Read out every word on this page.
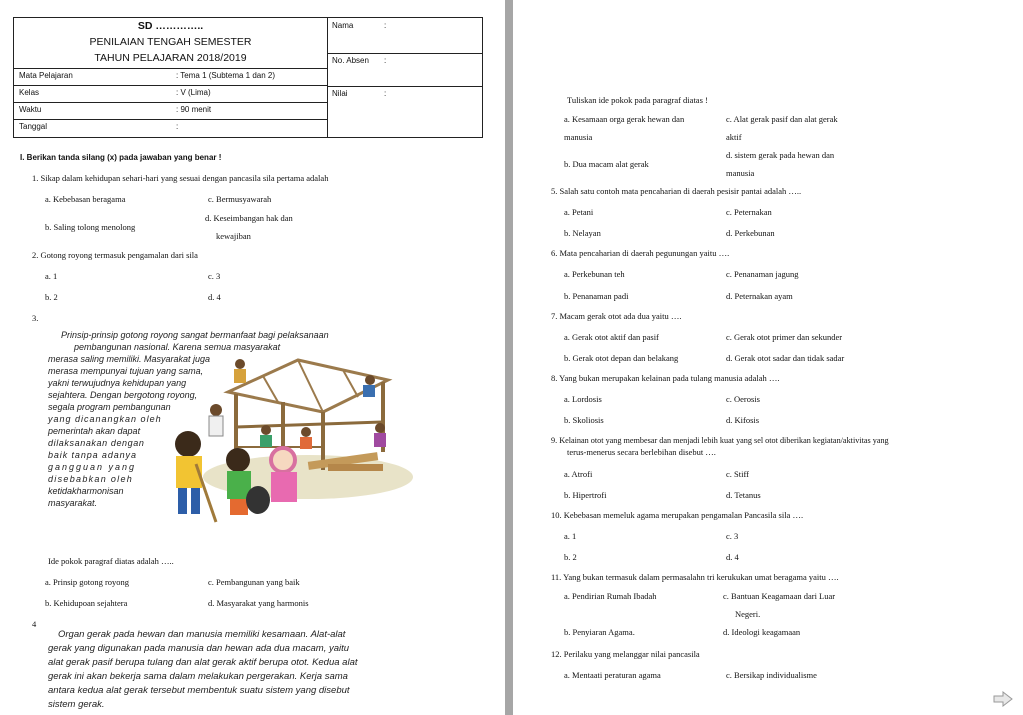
SD …………..
PENILAIAN TENGAH SEMESTER
TAHUN PELAJARAN 2018/2019
Mata Pelajaran	: Tema 1 (Subtema 1 dan 2)
Kelas	: V (Lima)
Waktu	: 90 menit
Tanggal	:
Nama	:
No. Absen :
Nilai	:
I. Berikan tanda silang (x) pada jawaban yang benar !
1. Sikap dalam kehidupan sehari-hari yang sesuai dengan pancasila sila pertama adalah
a. Kebebasan beragama	c. Bermusyawarah
b. Saling tolong menolong
d. Keseimbangan hak dan
kewajiban
2. Gotong royong termasuk pengamalan dari sila
a. 1	c. 3
b. 2	d. 4
3.
Prinsip-prinsip gotong royong sangat bermanfaat bagi pelaksanaan
pembangunan nasional. Karena semua masyarakat
merasa saling memiliki. Masyarakat juga
merasa mempunyai tujuan yang sama,
yakni terwujudnya kehidupan yang
sejahtera. Dengan bergotong royong,
segala program pembangunan
yang dicanangkan oleh
pemerintah akan dapat
dilaksanakan dengan
baik tanpa adanya
gangguan yang
disebabkan oleh
ketidakharmonisan
masyarakat.
Ide pokok paragraf diatas adalah …..
a. Prinsip gotong royong	c. Pembangunan yang baik
b. Kehidupoan sejahtera	d. Masyarakat yang harmonis
4
Organ gerak pada hewan dan manusia memiliki kesamaan. Alat-alat
gerak yang digunakan pada manusia dan hewan ada dua macam, yaitu
alat gerak pasif berupa tulang dan alat gerak aktif berupa otot. Kedua alat
gerak ini akan bekerja sama dalam melakukan pergerakan. Kerja sama
antara kedua alat gerak tersebut membentuk suatu sistem yang disebut
sistem gerak.
Tuliskan ide pokok pada paragraf diatas !
a. Kesamaan orga gerak hewan dan
manusia
c. Alat gerak pasif dan alat gerak
aktif
b. Dua macam alat gerak
d. sistem gerak pada hewan dan
manusia
5. Salah satu contoh mata pencaharian di daerah pesisir pantai adalah …..
a. Petani	c. Peternakan
b. Nelayan	d. Perkebunan
6. Mata pencaharian di daerah pegunungan yaitu ….
a. Perkebunan teh	c. Penanaman jagung
b. Penanaman padi	d. Peternakan ayam
7. Macam gerak otot ada dua yaitu ….
a. Gerak otot aktif dan pasif	c. Gerak otot primer dan sekunder
b. Gerak otot depan dan belakang	d. Gerak otot sadar dan tidak sadar
8. Yang bukan merupakan kelainan pada tulang manusia adalah ….
a. Lordosis	c. Oerosis
b. Skoliosis	d. Kifosis
9. Kelainan otot yang membesar dan menjadi lebih kuat yang sel otot diberikan kegiatan/aktivitas yang
terus-menerus secara berlebihan disebut ….
a. Atrofi	c. Stiff
b. Hipertrofi	d. Tetanus
10. Kebebasan memeluk agama merupakan pengamalan Pancasila sila ….
a. 1	c. 3
b. 2	d. 4
11. Yang bukan termasuk dalam permasalahn tri kerukukan umat beragama yaitu ….
a. Pendirian Rumah Ibadah	c. Bantuan Keagamaan dari Luar
Negeri.
b. Penyiaran Agama.	d. Ideologi keagamaan
12. Perilaku yang melanggar nilai pancasila
a. Mentaati peraturan agama	c. Bersikap individualisme
